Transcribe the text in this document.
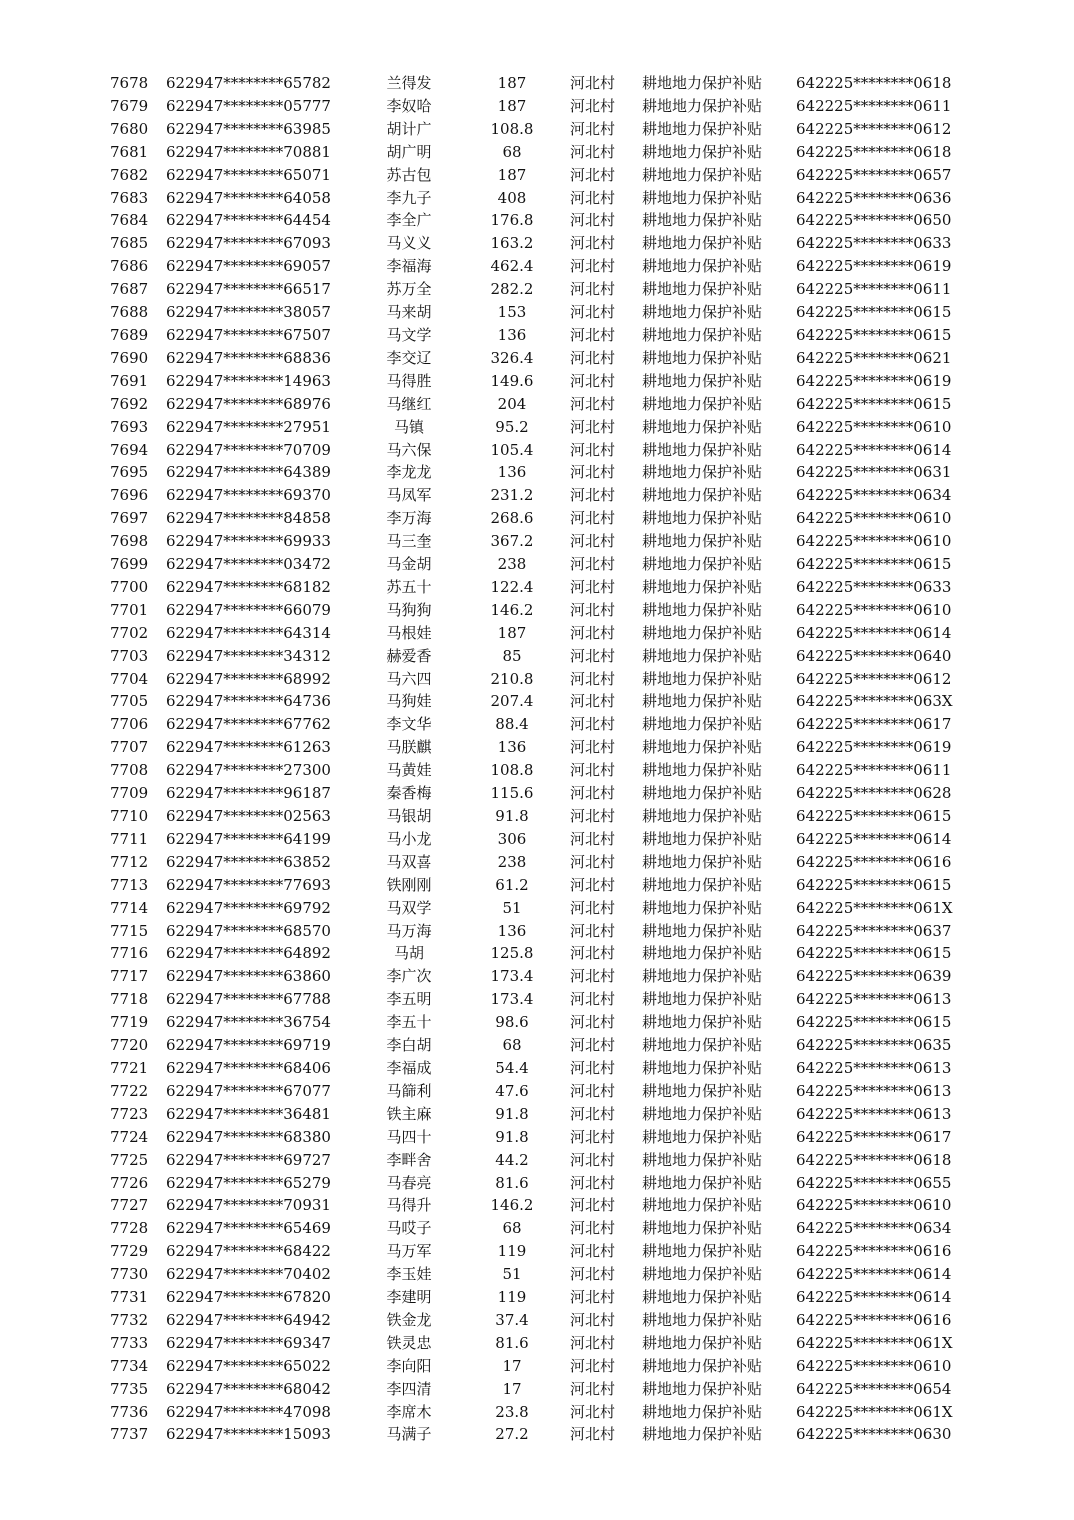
7678	622947********65782	兰得发	187	河北村	耕地地力保护补贴	642225********0618
7679	622947********05777	李奴哈	187	河北村	耕地地力保护补贴	642225********0611
7680	622947********63985	胡计广	108.8	河北村	耕地地力保护补贴	642225********0612
7681	622947********70881	胡广明	68	河北村	耕地地力保护补贴	642225********0618
7682	622947********65071	苏古包	187	河北村	耕地地力保护补贴	642225********0657
7683	622947********64058	李九子	408	河北村	耕地地力保护补贴	642225********0636
7684	622947********64454	李全广	176.8	河北村	耕地地力保护补贴	642225********0650
7685	622947********67093	马义义	163.2	河北村	耕地地力保护补贴	642225********0633
7686	622947********69057	李福海	462.4	河北村	耕地地力保护补贴	642225********0619
7687	622947********66517	苏万全	282.2	河北村	耕地地力保护补贴	642225********0611
7688	622947********38057	马来胡	153	河北村	耕地地力保护补贴	642225********0615
7689	622947********67507	马文学	136	河北村	耕地地力保护补贴	642225********0615
7690	622947********68836	李交辽	326.4	河北村	耕地地力保护补贴	642225********0621
7691	622947********14963	马得胜	149.6	河北村	耕地地力保护补贴	642225********0619
7692	622947********68976	马继红	204	河北村	耕地地力保护补贴	642225********0615
7693	622947********27951	马镇	95.2	河北村	耕地地力保护补贴	642225********0610
7694	622947********70709	马六保	105.4	河北村	耕地地力保护补贴	642225********0614
7695	622947********64389	李龙龙	136	河北村	耕地地力保护补贴	642225********0631
7696	622947********69370	马凤军	231.2	河北村	耕地地力保护补贴	642225********0634
7697	622947********84858	李万海	268.6	河北村	耕地地力保护补贴	642225********0610
7698	622947********69933	马三奎	367.2	河北村	耕地地力保护补贴	642225********0610
7699	622947********03472	马金胡	238	河北村	耕地地力保护补贴	642225********0615
7700	622947********68182	苏五十	122.4	河北村	耕地地力保护补贴	642225********0633
7701	622947********66079	马狗狗	146.2	河北村	耕地地力保护补贴	642225********0610
7702	622947********64314	马根娃	187	河北村	耕地地力保护补贴	642225********0614
7703	622947********34312	赫爱香	85	河北村	耕地地力保护补贴	642225********0640
7704	622947********68992	马六四	210.8	河北村	耕地地力保护补贴	642225********0612
7705	622947********64736	马狗娃	207.4	河北村	耕地地力保护补贴	642225********063X
7706	622947********67762	李文华	88.4	河北村	耕地地力保护补贴	642225********0617
7707	622947********61263	马朕麒	136	河北村	耕地地力保护补贴	642225********0619
7708	622947********27300	马黄娃	108.8	河北村	耕地地力保护补贴	642225********0611
7709	622947********96187	秦香梅	115.6	河北村	耕地地力保护补贴	642225********0628
7710	622947********02563	马银胡	91.8	河北村	耕地地力保护补贴	642225********0615
7711	622947********64199	马小龙	306	河北村	耕地地力保护补贴	642225********0614
7712	622947********63852	马双喜	238	河北村	耕地地力保护补贴	642225********0616
7713	622947********77693	铁刚刚	61.2	河北村	耕地地力保护补贴	642225********0615
7714	622947********69792	马双学	51	河北村	耕地地力保护补贴	642225********061X
7715	622947********68570	马万海	136	河北村	耕地地力保护补贴	642225********0637
7716	622947********64892	马胡	125.8	河北村	耕地地力保护补贴	642225********0615
7717	622947********63860	李广次	173.4	河北村	耕地地力保护补贴	642225********0639
7718	622947********67788	李五明	173.4	河北村	耕地地力保护补贴	642225********0613
7719	622947********36754	李五十	98.6	河北村	耕地地力保护补贴	642225********0615
7720	622947********69719	李白胡	68	河北村	耕地地力保护补贴	642225********0635
7721	622947********68406	李福成	54.4	河北村	耕地地力保护补贴	642225********0613
7722	622947********67077	马篩利	47.6	河北村	耕地地力保护补贴	642225********0613
7723	622947********36481	铁主麻	91.8	河北村	耕地地力保护补贴	642225********0613
7724	622947********68380	马四十	91.8	河北村	耕地地力保护补贴	642225********0617
7725	622947********69727	李畔舍	44.2	河北村	耕地地力保护补贴	642225********0618
7726	622947********65279	马春亮	81.6	河北村	耕地地力保护补贴	642225********0655
7727	622947********70931	马得升	146.2	河北村	耕地地力保护补贴	642225********0610
7728	622947********65469	马哎子	68	河北村	耕地地力保护补贴	642225********0634
7729	622947********68422	马万军	119	河北村	耕地地力保护补贴	642225********0616
7730	622947********70402	李玉娃	51	河北村	耕地地力保护补贴	642225********0614
7731	622947********67820	李建明	119	河北村	耕地地力保护补贴	642225********0614
7732	622947********64942	铁金龙	37.4	河北村	耕地地力保护补贴	642225********0616
7733	622947********69347	铁灵忠	81.6	河北村	耕地地力保护补贴	642225********061X
7734	622947********65022	李向阳	17	河北村	耕地地力保护补贴	642225********0610
7735	622947********68042	李四清	17	河北村	耕地地力保护补贴	642225********0654
7736	622947********47098	李席木	23.8	河北村	耕地地力保护补贴	642225********061X
7737	622947********15093	马满子	27.2	河北村	耕地地力保护补贴	642225********0630
